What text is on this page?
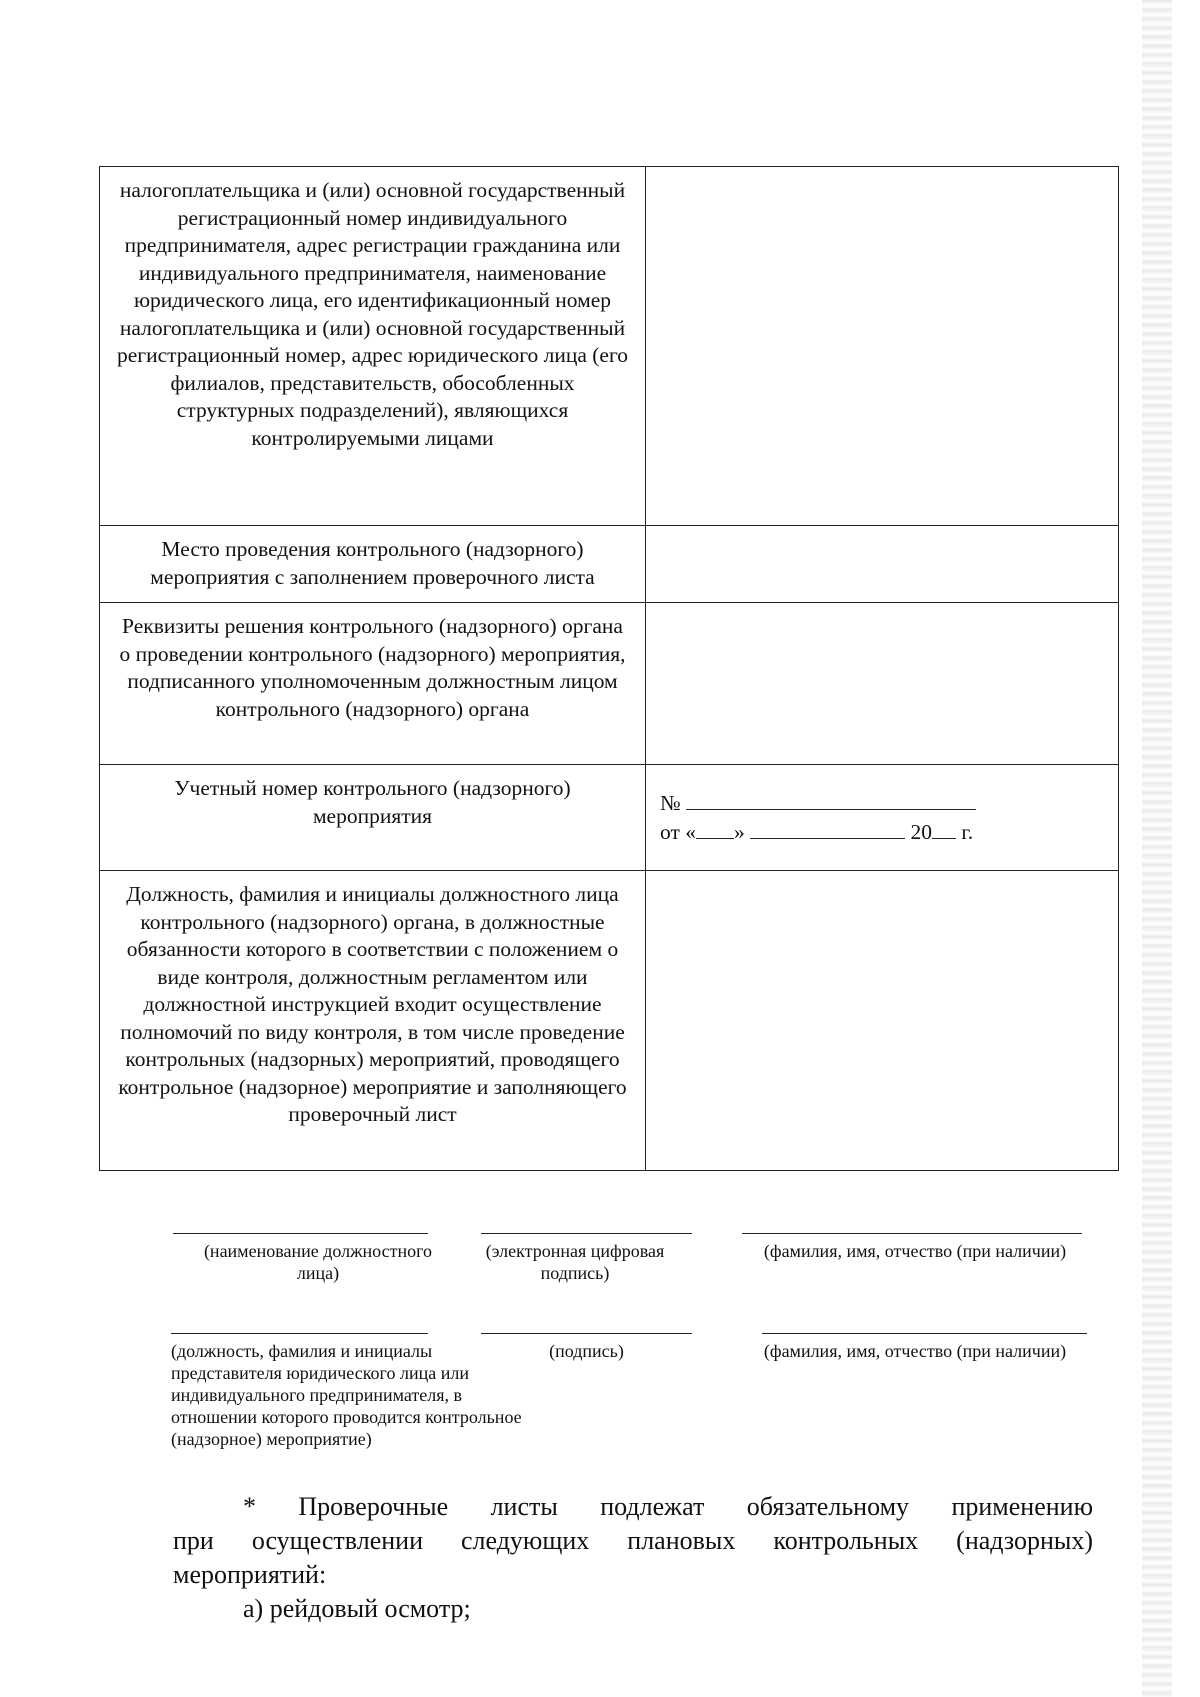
налогоплательщика и (или) основной государственный регистрационный номер индивидуального предпринимателя, адрес регистрации гражданина или индивидуального предпринимателя, наименование юридического лица, его идентификационный номер налогоплательщика и (или) основной государственный регистрационный номер, адрес юридического лица (его филиалов, представительств, обособленных структурных подразделений), являющихся контролируемыми лицами	
Место проведения контрольного (надзорного) мероприятия с заполнением проверочного листа	
Реквизиты решения контрольного (надзорного) органа о проведении контрольного (надзорного) мероприятия, подписанного уполномоченным должностным лицом контрольного (надзорного) органа	
Учетный номер контрольного (надзорного) мероприятия	№
от « » 20 г.

Должность, фамилия и инициалы должностного лица контрольного (надзорного) органа, в должностные обязанности которого в соответствии с положением о виде контроля, должностным регламентом или должностной инструкцией входит осуществление полномочий по виду контроля, в том числе проведение контрольных (надзорных) мероприятий, проводящего контрольное (надзорное) мероприятие и заполняющего проверочный лист	
(наименование должностного лица)
(электронная цифровая подпись)
(фамилия, имя, отчество (при наличии)
(должность, фамилия и инициалы представителя юридического лица или индивидуального предпринимателя, в отношении которого проводится контрольное (надзорное) мероприятие)
(подпись)	(фамилия, имя, отчество (при наличии)
* Проверочные листы подлежат обязательному применению
при осуществлении следующих плановых контрольных (надзорных)
мероприятий:
а) рейдовый осмотр;
